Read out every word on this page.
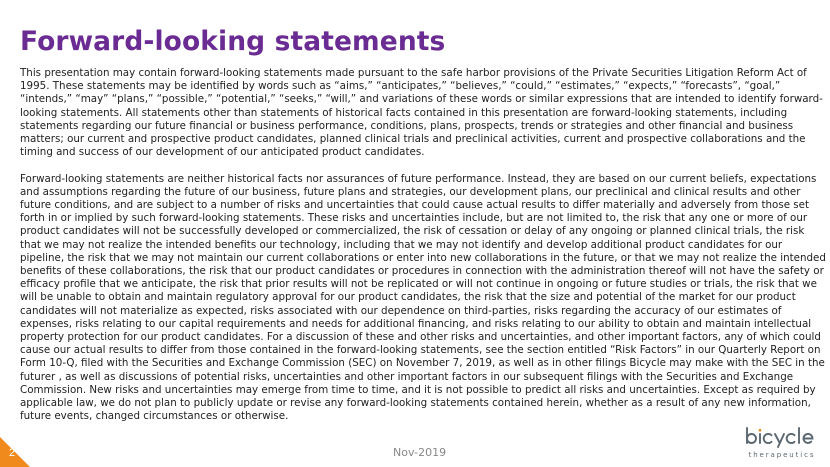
Forward-looking statements

This presentation may contain forward-looking statements made pursuant to the safe harbor provisions of the Private Securities Litigation Reform Act of 1995. These statements may be identified by words such as “aims,” “anticipates,” “believes,” “could,” “estimates,” “expects,” “forecasts”, “goal,” “intends,” “may” “plans,” “possible,” “potential,” “seeks,” “will,” and variations of these words or similar expressions that are intended to identify forward-looking statements. All statements other than statements of historical facts contained in this presentation are forward-looking statements, including statements regarding our future financial or business performance, conditions, plans, prospects, trends or strategies and other financial and business matters; our current and prospective product candidates, planned clinical trials and preclinical activities, current and prospective collaborations and the timing and success of our development of our anticipated product candidates.

Forward-looking statements are neither historical facts nor assurances of future performance. Instead, they are based on our current beliefs, expectations and assumptions regarding the future of our business, future plans and strategies, our development plans, our preclinical and clinical results and other future conditions, and are subject to a number of risks and uncertainties that could cause actual results to differ materially and adversely from those set forth in or implied by such forward-looking statements. These risks and uncertainties include, but are not limited to, the risk that any one or more of our product candidates will not be successfully developed or commercialized, the risk of cessation or delay of any ongoing or planned clinical trials, the risk that we may not realize the intended benefits our technology, including that we may not identify and develop additional product candidates for our pipeline, the risk that we may not maintain our current collaborations or enter into new collaborations in the future, or that we may not realize the intended benefits of these collaborations, the risk that our product candidates or procedures in connection with the administration thereof will not have the safety or efficacy profile that we anticipate, the risk that prior results will not be replicated or will not continue in ongoing or future studies or trials, the risk that we will be unable to obtain and maintain regulatory approval for our product candidates, the risk that the size and potential of the market for our product candidates will not materialize as expected, risks associated with our dependence on third-parties, risks regarding the accuracy of our estimates of expenses, risks relating to our capital requirements and needs for additional financing, and risks relating to our ability to obtain and maintain intellectual property protection for our product candidates. For a discussion of these and other risks and uncertainties, and other important factors, any of which could cause our actual results to differ from those contained in the forward-looking statements, see the section entitled “Risk Factors” in our Quarterly Report on Form 10-Q, filed with the Securities and Exchange Commission (SEC) on November 7, 2019, as well as in other filings Bicycle may make with the SEC in the futurer , as well as discussions of potential risks, uncertainties and other important factors in our subsequent filings with the Securities and Exchange Commission. New risks and uncertainties may emerge from time to time, and it is not possible to predict all risks and uncertainties. Except as required by applicable law, we do not plan to publicly update or revise any forward-looking statements contained herein, whether as a result of any new information, future events, changed circumstances or otherwise.

2	Nov-2019	therapeutics
